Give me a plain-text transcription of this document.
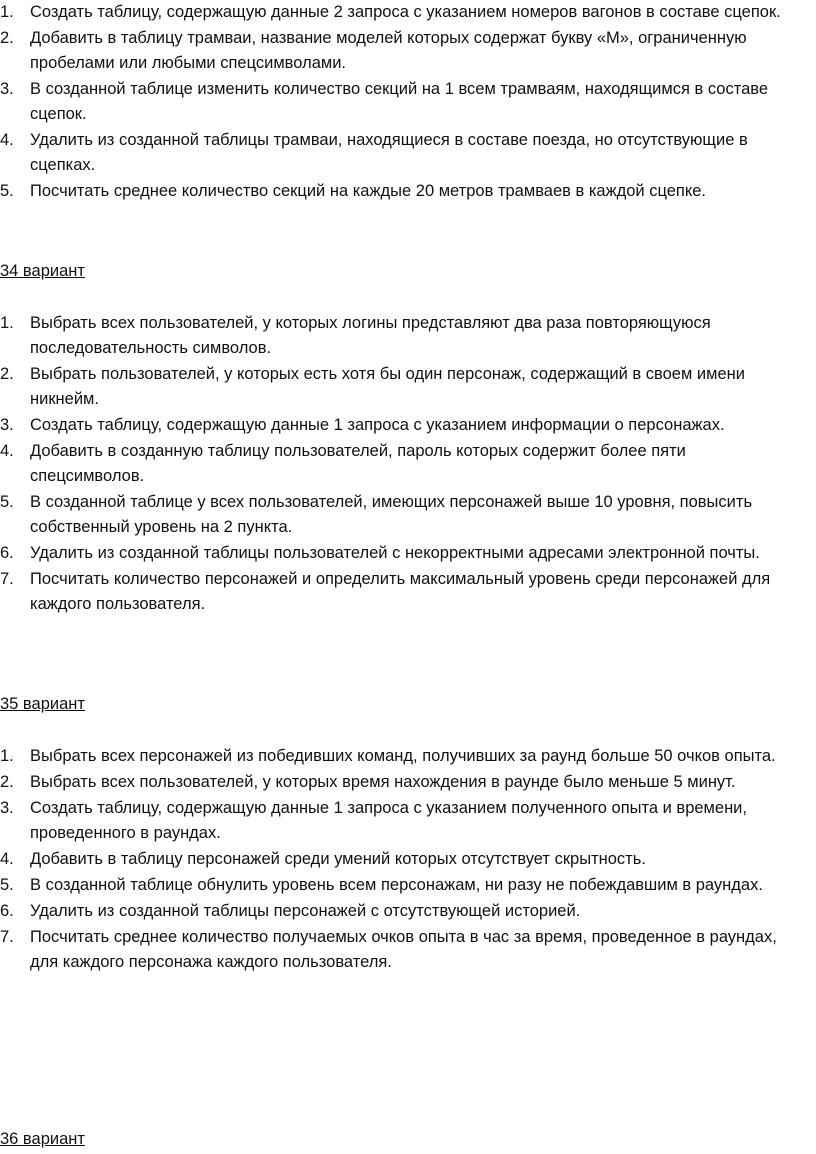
1. Создать таблицу, содержащую данные 2 запроса с указанием номеров вагонов в составе сцепок.
2. Добавить в таблицу трамваи, название моделей которых содержат букву «М», ограниченную пробелами или любыми спецсимволами.
3. В созданной таблице изменить количество секций на 1 всем трамваям, находящимся в составе сцепок.
4. Удалить из созданной таблицы трамваи, находящиеся в составе поезда, но отсутствующие в сцепках.
5. Посчитать среднее количество секций на каждые 20 метров трамваев в каждой сцепке.

34 вариант

1. Выбрать всех пользователей, у которых логины представляют два раза повторяющуюся последовательность символов.
2. Выбрать пользователей, у которых есть хотя бы один персонаж, содержащий в своем имени никнейм.
3. Создать таблицу, содержащую данные 1 запроса с указанием информации о персонажах.
4. Добавить в созданную таблицу пользователей, пароль которых содержит более пяти спецсимволов.
5. В созданной таблице у всех пользователей, имеющих персонажей выше 10 уровня, повысить собственный уровень на 2 пункта.
6. Удалить из созданной таблицы пользователей с некорректными адресами электронной почты.
7. Посчитать количество персонажей и определить максимальный уровень среди персонажей для каждого пользователя.

35 вариант

1. Выбрать всех персонажей из победивших команд, получивших за раунд больше 50 очков опыта.
2. Выбрать всех пользователей, у которых время нахождения в раунде было меньше 5 минут.
3. Создать таблицу, содержащую данные 1 запроса с указанием полученного опыта и времени, проведенного в раундах.
4. Добавить в таблицу персонажей среди умений которых отсутствует скрытность.
5. В созданной таблице обнулить уровень всем персонажам, ни разу не побеждавшим в раундах.
6. Удалить из созданной таблицы персонажей с отсутствующей историей.
7. Посчитать среднее количество получаемых очков опыта в час за время, проведенное в раундах, для каждого персонажа каждого пользователя.

36 вариант
